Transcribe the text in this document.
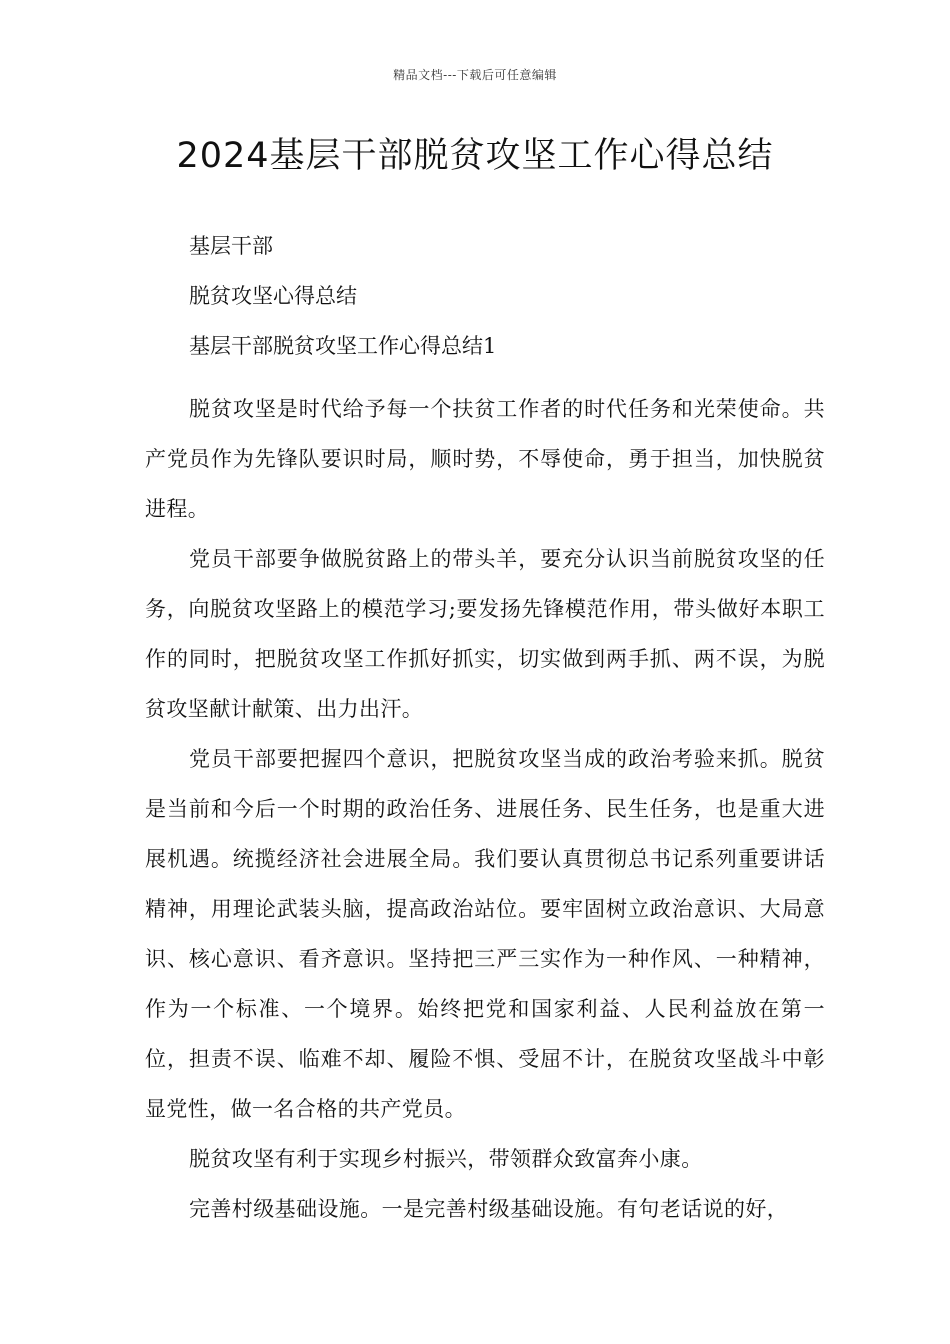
精品文档---下载后可任意编辑
2024基层干部脱贫攻坚工作心得总结
基层干部
脱贫攻坚心得总结
基层干部脱贫攻坚工作心得总结1

脱贫攻坚是时代给予每一个扶贫工作者的时代任务和光荣使命。共产党员作为先锋队要识时局，顺时势，不辱使命，勇于担当，加快脱贫进程。

党员干部要争做脱贫路上的带头羊，要充分认识当前脱贫攻坚的任务，向脱贫攻坚路上的模范学习;要发扬先锋模范作用，带头做好本职工作的同时，把脱贫攻坚工作抓好抓实，切实做到两手抓、两不误，为脱贫攻坚献计献策、出力出汗。

党员干部要把握四个意识，把脱贫攻坚当成的政治考验来抓。脱贫是当前和今后一个时期的政治任务、进展任务、民生任务，也是重大进展机遇。统揽经济社会进展全局。我们要认真贯彻总书记系列重要讲话精神，用理论武装头脑，提高政治站位。要牢固树立政治意识、大局意识、核心意识、看齐意识。坚持把三严三实作为一种作风、一种精神，作为一个标准、一个境界。始终把党和国家利益、人民利益放在第一位，担责不误、临难不却、履险不惧、受屈不计，在脱贫攻坚战斗中彰显党性，做一名合格的共产党员。

脱贫攻坚有利于实现乡村振兴，带领群众致富奔小康。

完善村级基础设施。一是完善村级基础设施。有句老话说的好，
